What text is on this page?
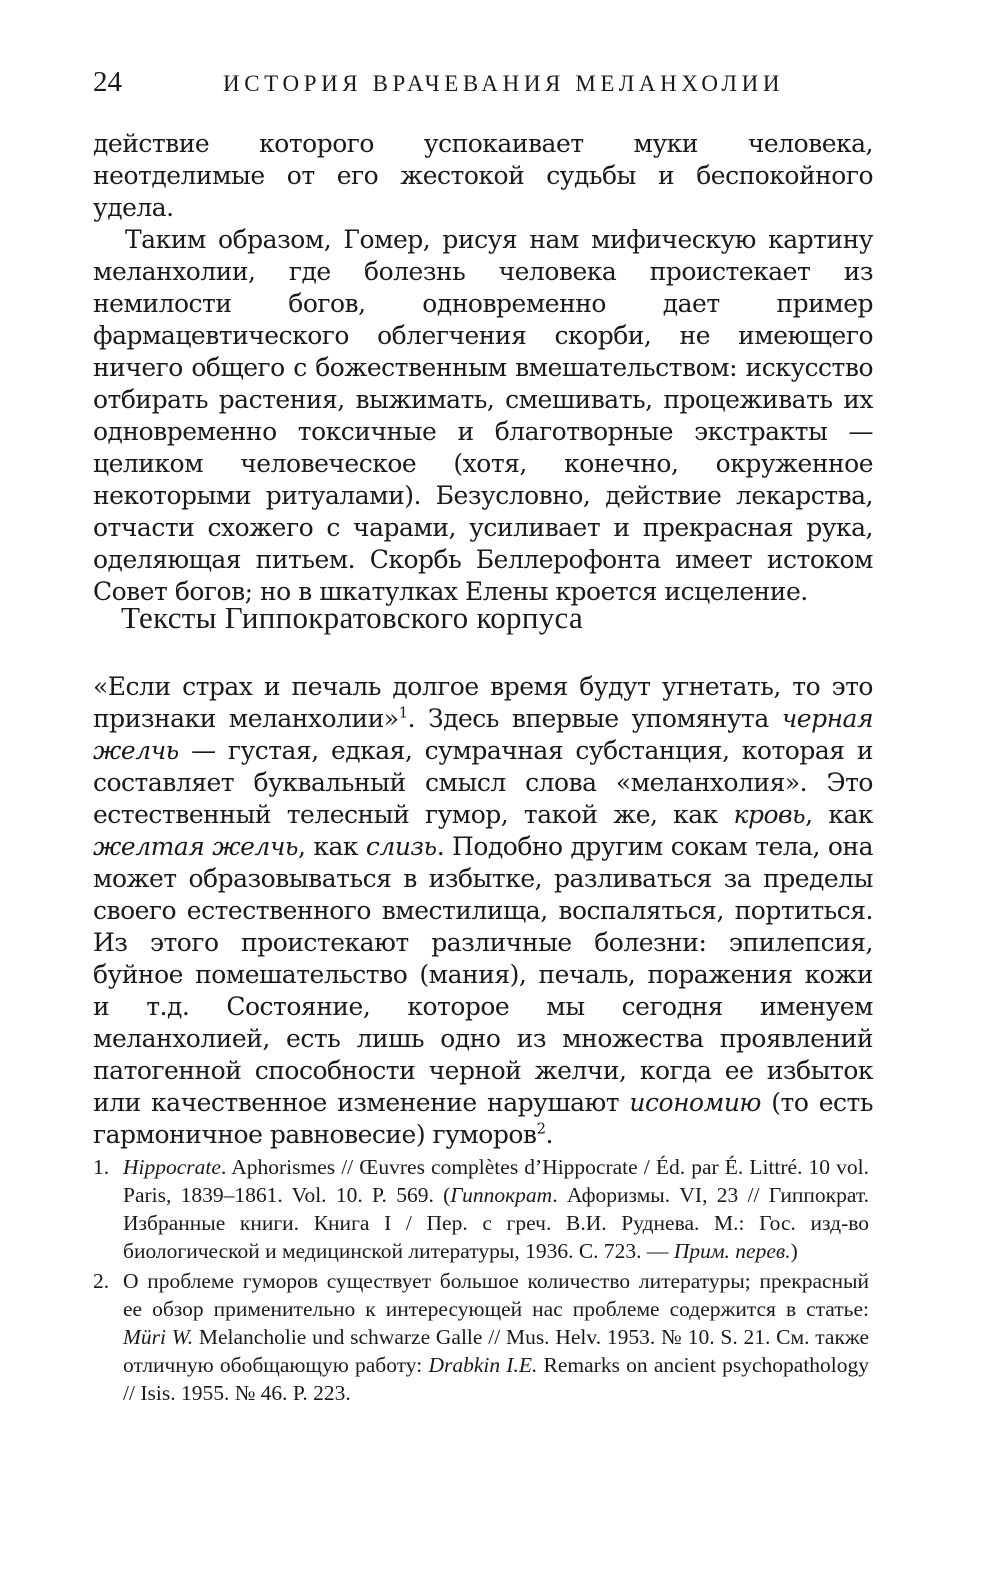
24	ИСТОРИЯ ВРАЧЕВАНИЯ МЕЛАНХОЛИИ

действие которого успокаивает муки человека, неотделимые от его жестокой судьбы и беспокойного удела.

Таким образом, Гомер, рисуя нам мифическую картину меланхолии, где болезнь человека проистекает из немилости богов, одновременно дает пример фармацевтического облегчения скорби, не имеющего ничего общего с божественным вмешательством: искусство отбирать растения, выжимать, смешивать, процеживать их одновременно токсичные и благотворные экстракты — целиком человеческое (хотя, конечно, окруженное некоторыми ритуалами). Безусловно, действие лекарства, отчасти схожего с чарами, усиливает и прекрасная рука, оделяющая питьем. Скорбь Беллерофонта имеет истоком Совет богов; но в шкатулках Елены кроется исцеление.

Тексты Гиппократовского корпуса

«Если страх и печаль долгое время будут угнетать, то это признаки меланхолии»$^1$. Здесь впервые упомянута черная желчь — густая, едкая, сумрачная субстанция, которая и составляет буквальный смысл слова «меланхолия». Это естественный телесный гумор, такой же, как кровь, как желтая желчь, как слизь. Подобно другим сокам тела, она может образовываться в избытке, разливаться за пределы своего естественного вместилища, воспаляться, портиться. Из этого проистекают различные болезни: эпилепсия, буйное помешательство (мания), печаль, поражения кожи и т.д. Состояние, которое мы сегодня именуем меланхолией, есть лишь одно из множества проявлений патогенной способности черной желчи, когда ее избыток или качественное изменение нарушают исономию (то есть гармоничное равновесие) гуморов$^2$.

1. Hippocrate. Aphorismes // Œuvres complètes d’Hippocrate / Éd. par É. Littré. 10 vol. Paris, 1839–1861. Vol. 10. P. 569. (Гиппократ. Афоризмы. VI, 23 // Гиппократ. Избранные книги. Книга I / Пер. с греч. В.И. Руднева. М.: Гос. изд-во биологической и медицинской литературы, 1936. С. 723. — Прим. перев.)
2. О проблеме гуморов существует большое количество литературы; прекрасный ее обзор применительно к интересующей нас проблеме содержится в статье: Müri W. Melancholie und schwarze Galle // Mus. Helv. 1953. № 10. S. 21. См. также отличную обобщающую работу: Drabkin I.E. Remarks on ancient psychopathology // Isis. 1955. № 46. P. 223.
